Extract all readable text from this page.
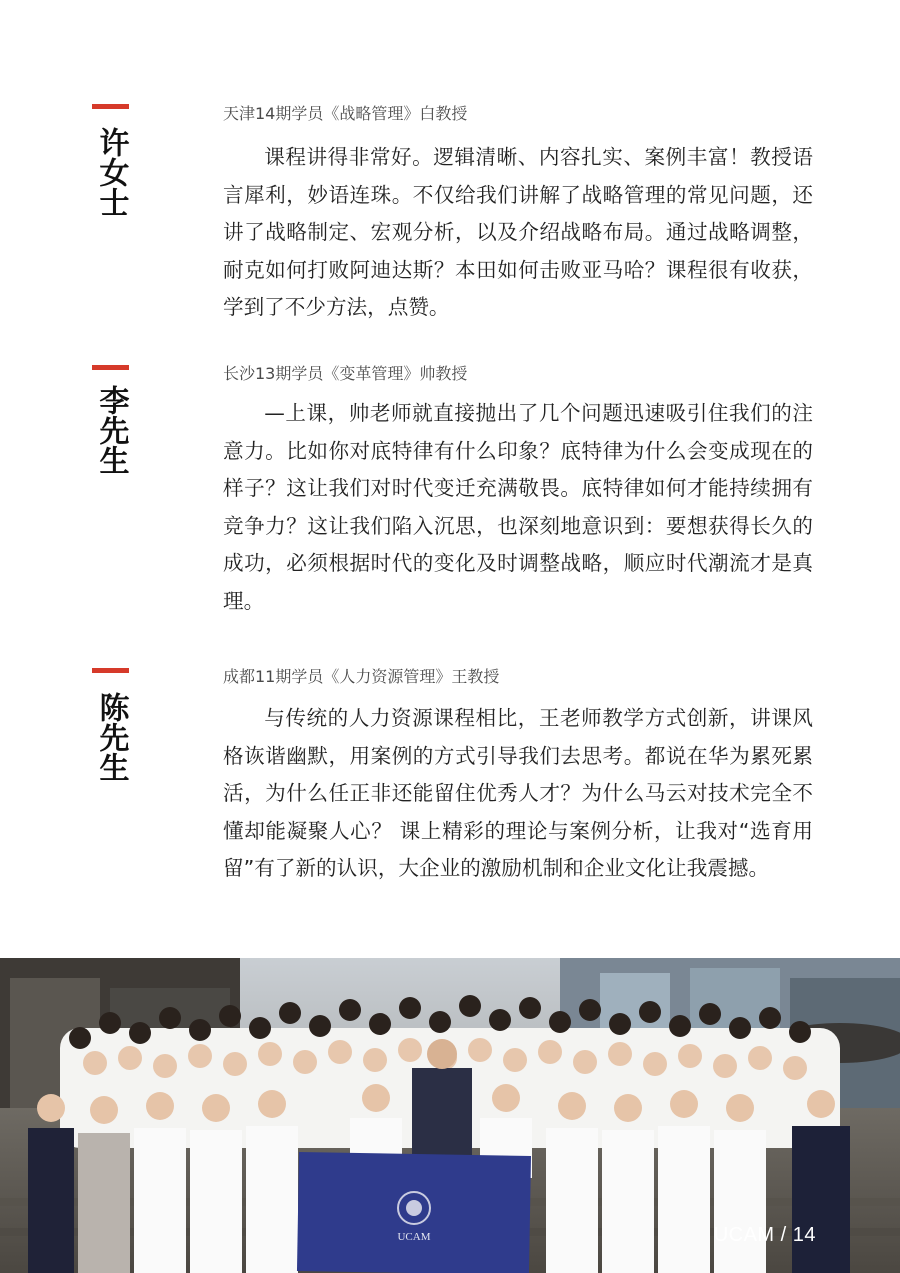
许女士
天津14期学员《战略管理》白教授
课程讲得非常好。逻辑清晰、内容扎实、案例丰富！教授语言犀利，妙语连珠。不仅给我们讲解了战略管理的常见问题，还讲了战略制定、宏观分析，以及介绍战略布局。通过战略调整，耐克如何打败阿迪达斯？本田如何击败亚马哈？课程很有收获，学到了不少方法，点赞。
李先生
长沙13期学员《变革管理》帅教授
—上课，帅老师就直接抛出了几个问题迅速吸引住我们的注意力。比如你对底特律有什么印象？底特律为什么会变成现在的样子？这让我们对时代变迁充满敬畏。底特律如何才能持续拥有竞争力？这让我们陷入沉思，也深刻地意识到：要想获得长久的成功，必须根据时代的变化及时调整战略，顺应时代潮流才是真理。
陈先生
成都11期学员《人力资源管理》王教授
与传统的人力资源课程相比，王老师教学方式创新，讲课风格诙谐幽默，用案例的方式引导我们去思考。都说在华为累死累活，为什么任正非还能留住优秀人才？为什么马云对技术完全不懂却能凝聚人心？ 课上精彩的理论与案例分析，让我对“选育用留”有了新的认识，大企业的激励机制和企业文化让我震撼。
UCAM	UCAM / 14
